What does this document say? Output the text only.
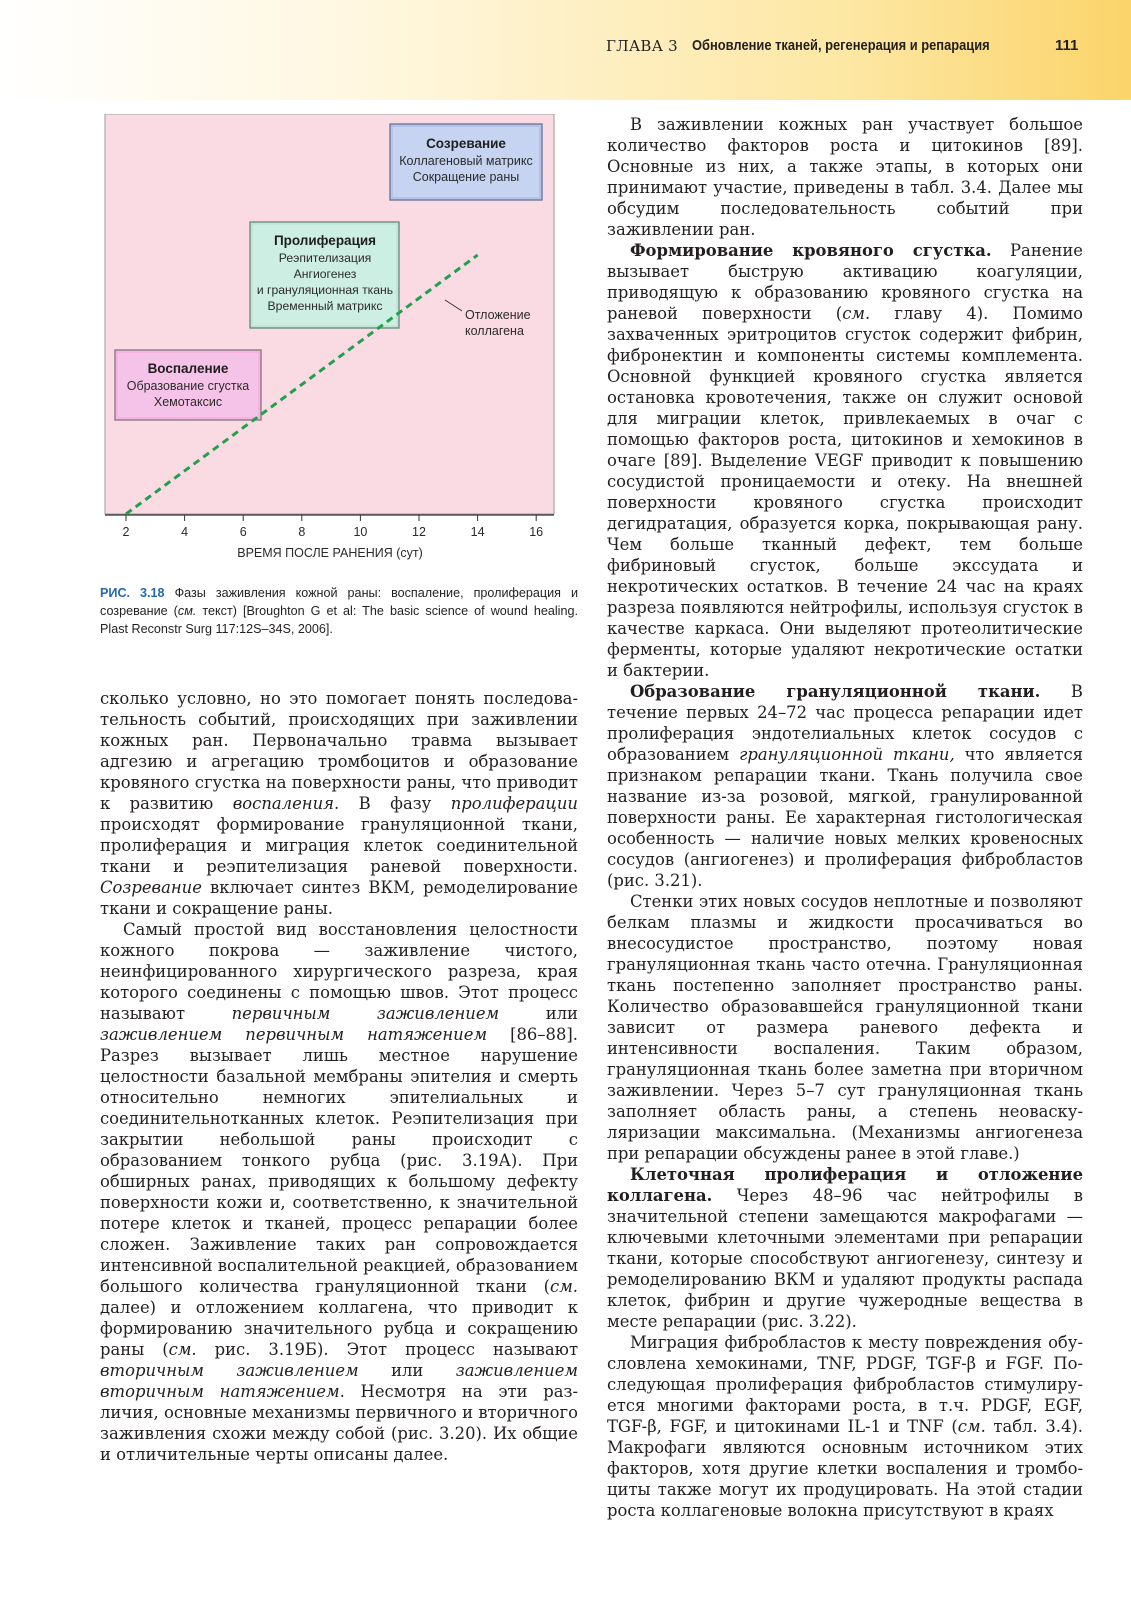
ГЛАВА 3 Обновление тканей, регенерация и репарация	111
Воспаление
Образование сгустка
Хемотаксис
Пролиферация
Реэпителизация
Ангиогенез
и грануляционная ткань
Временный матрикс
Созревание
Коллагеновый матрикс
Сокращение раны
Отложение
коллагена
2	4	6	8	10	12	14	16
ВРЕМЯ ПОСЛЕ РАНЕНИЯ (сут)
РИС. 3.18 Фазы заживления кожной раны: воспаление, пролиферация и созревание (см. текст) [Broughton G et al: The basic science of wound healing. Plast Reconstr Surg 117:12S–34S, 2006].

сколько условно, но это помогает понять последовательность событий, происходящих при заживлении кожных ран. Первоначально травма вызывает адгезию и агрегацию тромбоцитов и образование кровяного сгустка на поверхности раны, что приводит к развитию воспаления. В фазу пролиферации происходят формирование грануляционной ткани, пролиферация и миграция клеток соединительной ткани и реэпителизация раневой поверхности. Созревание включает синтез ВКМ, ремоделирование ткани и сокращение раны.

Самый простой вид восстановления целостности кожного покрова — заживление чистого, неинфицированного хирургического разреза, края которого соединены с помощью швов. Этот процесс называют первичным заживлением или заживлением первичным натяжением [86–88]. Разрез вызывает лишь местное нарушение целостности базальной мембраны эпителия и смерть относительно немногих эпителиальных и соединительнотканных клеток. Реэпителизация при закрытии небольшой раны происходит с образованием тонкого рубца (рис. 3.19А). При обширных ранах, приводящих к большому дефекту поверхности кожи и, соответственно, к значительной потере клеток и тканей, процесс репарации более сложен. Заживление таких ран сопровождается интенсивной воспалительной реакцией, образованием большого количества грануляционной ткани (см. далее) и отложением коллагена, что приводит к формированию значительного рубца и сокращению раны (см. рис. 3.19Б). Этот процесс называют вторичным заживлением или заживлением вторичным натяжением. Несмотря на эти различия, основные механизмы первичного и вторичного заживления схожи между собой (рис. 3.20). Их общие и отличительные черты описаны далее.

В заживлении кожных ран участвует большое количество факторов роста и цитокинов [89]. Основные из них, а также этапы, в которых они принимают участие, приведены в табл. 3.4. Далее мы обсудим последовательность событий при заживлении ран.

Формирование кровяного сгустка. Ранение вызывает быструю активацию коагуляции, приводящую к образованию кровяного сгустка на раневой поверхности (см. главу 4). Помимо захваченных эритроцитов сгусток содержит фибрин, фибронектин и компоненты системы комплемента. Основной функцией кровяного сгустка является остановка кровотечения, также он служит основой для миграции клеток, привлекаемых в очаг с помощью факторов роста, цитокинов и хемокинов в очаге [89]. Выделение VEGF приводит к повышению сосудистой проницаемости и отеку. На внешней поверхности кровяного сгустка происходит дегидратация, образуется корка, покрывающая рану. Чем больше тканный дефект, тем больше фибриновый сгусток, больше экссудата и некротических остатков. В течение 24 час на краях разреза появляются нейтрофилы, используя сгусток в качестве каркаса. Они выделяют протеолитические ферменты, которые удаляют некротические остатки и бактерии.

Образование грануляционной ткани. В течение первых 24–72 час процесса репарации идет пролиферация эндотелиальных клеток сосудов с образованием грануляционной ткани, что является признаком репарации ткани. Ткань получила свое название из-за розовой, мягкой, гранулированной поверхности раны. Ее характерная гистологическая особенность — наличие новых мелких кровеносных сосудов (ангиогенез) и пролиферация фибробластов (рис. 3.21).

Стенки этих новых сосудов неплотные и позволяют белкам плазмы и жидкости просачиваться во внесосудистое пространство, поэтому новая грануляционная ткань часто отечна. Грануляционная ткань постепенно заполняет пространство раны. Количество образовавшейся грануляционной ткани зависит от размера раневого дефекта и интенсивности воспаления. Таким образом, грануляционная ткань более заметна при вторичном заживлении. Через 5–7 сут грануляционная ткань заполняет область раны, а степень неоваскуляризации максимальна. (Механизмы ангиогенеза при репарации обсуждены ранее в этой главе.)

Клеточная пролиферация и отложение коллагена. Через 48–96 час нейтрофилы в значительной степени замещаются макрофагами — ключевыми клеточными элементами при репарации ткани, которые способствуют ангиогенезу, синтезу и ремоделированию ВКМ и удаляют продукты распада клеток, фибрин и другие чужеродные вещества в месте репарации (рис. 3.22).

Миграция фибробластов к месту повреждения обусловлена хемокинами, TNF, PDGF, TGF-β и FGF. Последующая пролиферация фибробластов стимулируется многими факторами роста, в т.ч. PDGF, EGF, TGF-β, FGF, и цитокинами IL-1 и TNF (см. табл. 3.4). Макрофаги являются основным источником этих факторов, хотя другие клетки воспаления и тромбоциты также могут их продуцировать. На этой стадии роста коллагеновые волокна присутствуют в краях
